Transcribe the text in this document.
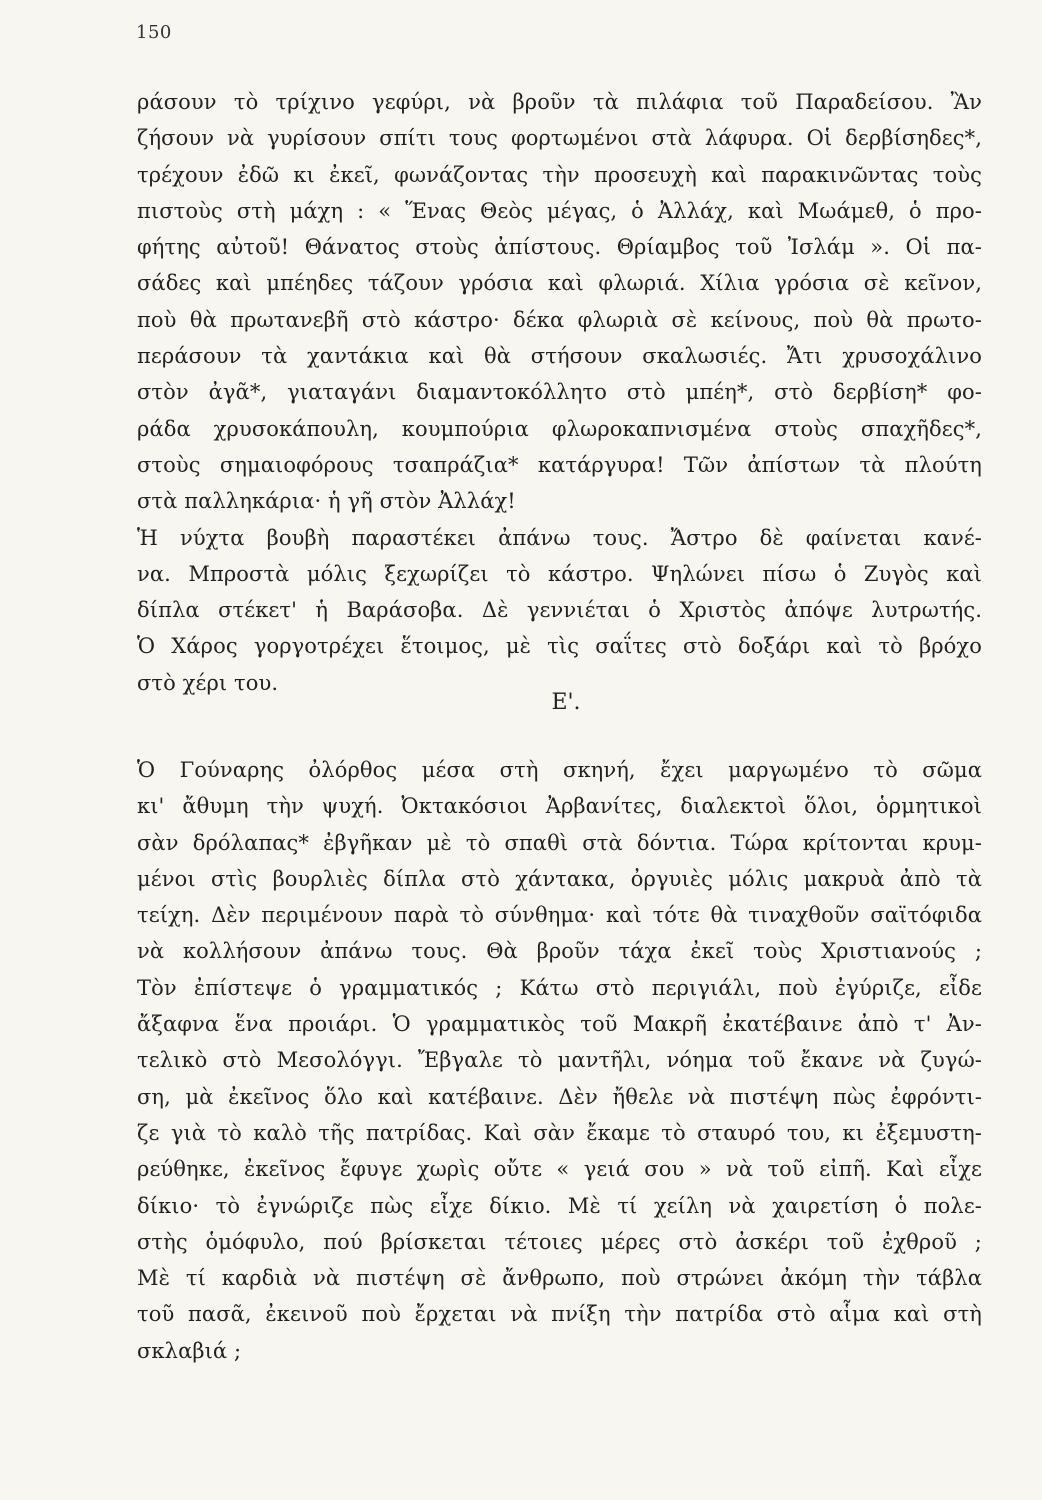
150
ράσουν τὸ τρίχινο γεφύρι, νὰ βροῦν τὰ πιλάφια τοῦ Παραδείσου. Ἂν
ζήσουν νὰ γυρίσουν σπίτι τους φορτωμένοι στὰ λάφυρα. Οἱ δερβίσηδες*,
τρέχουν ἐδῶ κι ἐκεῖ, φωνάζοντας τὴν προσευχὴ καὶ παρακινῶντας τοὺς
πιστοὺς στὴ μάχη : « Ἕνας Θεὸς μέγας, ὁ Ἀλλάχ, καὶ Μωάμεθ, ὁ προ-
φήτης αὐτοῦ! Θάνατος στοὺς ἀπίστους. Θρίαμβος τοῦ Ἰσλάμ ». Οἱ πα-
σάδες καὶ μπέηδες τάζουν γρόσια καὶ φλωριά. Χίλια γρόσια σὲ κεῖνον,
ποὺ θὰ πρωτανεβῆ στὸ κάστρο· δέκα φλωριὰ σὲ κείνους, ποὺ θὰ πρωτο-
περάσουν τὰ χαντάκια καὶ θὰ στήσουν σκαλωσιές. Ἄτι χρυσοχάλινο
στὸν ἀγᾶ*, γιαταγάνι διαμαντοκόλλητο στὸ μπέη*, στὸ δερβίση* φο-
ράδα χρυσοκάπουλη, κουμπούρια φλωροκαπνισμένα στοὺς σπαχῆδες*,
στοὺς σημαιοφόρους τσαπράζια* κατάργυρα! Τῶν ἀπίστων τὰ πλούτη
στὰ παλληκάρια· ἡ γῆ στὸν Ἀλλάχ!
Ἡ νύχτα βουβὴ παραστέκει ἀπάνω τους. Ἄστρο δὲ φαίνεται κανέ-
να. Μπροστὰ μόλις ξεχωρίζει τὸ κάστρο. Ψηλώνει πίσω ὁ Ζυγὸς καὶ
δίπλα στέκετ' ἡ Βαράσοβα. Δὲ γεννιέται ὁ Χριστὸς ἀπόψε λυτρωτής.
Ὁ Χάρος γοργοτρέχει ἕτοιμος, μὲ τὶς σαΐτες στὸ δοξάρι καὶ τὸ βρόχο
στὸ χέρι του.
Ε'.
Ὁ Γούναρης ὀλόρθος μέσα στὴ σκηνή, ἔχει μαργωμένο τὸ σῶμα
κι' ἄθυμη τὴν ψυχή. Ὀκτακόσιοι Ἀρβανίτες, διαλεκτοὶ ὅλοι, ὁρμητικοὶ
σὰν δρόλαπας* ἐβγῆκαν μὲ τὸ σπαθὶ στὰ δόντια. Τώρα κρίτονται κρυμ-
μένοι στὶς βουρλιὲς δίπλα στὸ χάντακα, ὀργυιὲς μόλις μακρυὰ ἀπὸ τὰ
τείχη. Δὲν περιμένουν παρὰ τὸ σύνθημα· καὶ τότε θὰ τιναχθοῦν σαϊτόφιδα
νὰ κολλήσουν ἀπάνω τους. Θὰ βροῦν τάχα ἐκεῖ τοὺς Χριστιανούς ;
Τὸν ἐπίστεψε ὁ γραμματικός ; Κάτω στὸ περιγιάλι, ποὺ ἐγύριζε, εἶδε
ἄξαφνα ἕνα προιάρι. Ὁ γραμματικὸς τοῦ Μακρῆ ἐκατέβαινε ἀπὸ τ' Ἀν-
τελικὸ στὸ Μεσολόγγι. Ἔβγαλε τὸ μαντῆλι, νόημα τοῦ ἔκανε νὰ ζυγώ-
ση, μὰ ἐκεῖνος ὅλο καὶ κατέβαινε. Δὲν ἤθελε νὰ πιστέψη πὼς ἐφρόντι-
ζε γιὰ τὸ καλὸ τῆς πατρίδας. Καὶ σὰν ἔκαμε τὸ σταυρό του, κι ἐξεμυστη-
ρεύθηκε, ἐκεῖνος ἔφυγε χωρὶς οὔτε « γειά σου » νὰ τοῦ εἰπῆ. Καὶ εἶχε
δίκιο· τὸ ἐγνώριζε πὼς εἶχε δίκιο. Μὲ τί χείλη νὰ χαιρετίση ὁ πολε-
στὴς ὁμόφυλο, πού βρίσκεται τέτοιες μέρες στὸ ἀσκέρι τοῦ ἐχθροῦ ;
Μὲ τί καρδιὰ νὰ πιστέψη σὲ ἄνθρωπο, ποὺ στρώνει ἀκόμη τὴν τάβλα
τοῦ πασᾶ, ἐκεινοῦ ποὺ ἔρχεται νὰ πνίξη τὴν πατρίδα στὸ αἷμα καὶ στὴ
σκλαβιά ;
